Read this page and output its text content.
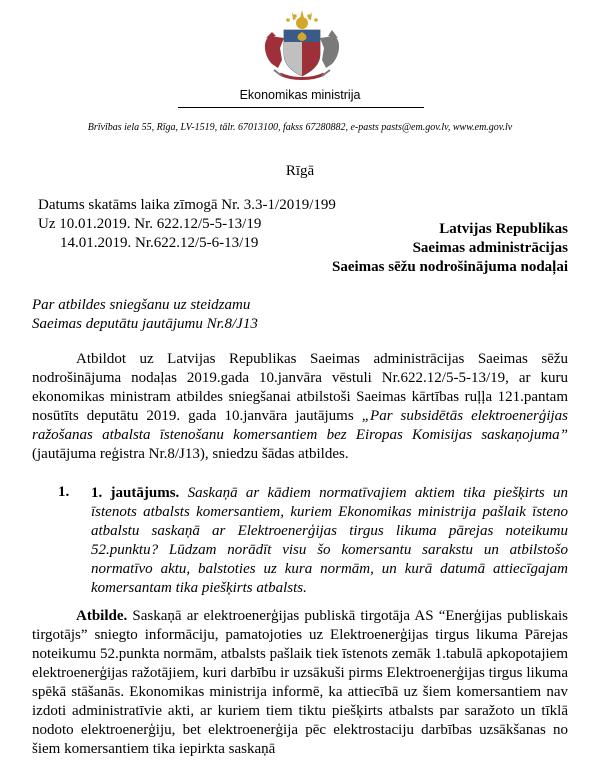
Ekonomikas ministrija
Brīvības iela 55, Rīga, LV-1519, tālr. 67013100, fakss 67280882, e-pasts pasts@em.gov.lv, www.em.gov.lv
Rīgā
Datums skatāms laika zīmogā Nr. 3.3-1/2019/199
Uz 10.01.2019. Nr. 622.12/5-5-13/19
14.01.2019. Nr.622.12/5-6-13/19
Latvijas Republikas
Saeimas administrācijas
Saeimas sēžu nodrošinājuma nodaļai
Par atbildes sniegšanu uz steidzamu
Saeimas deputātu jautājumu Nr.8/J13

Atbildot uz Latvijas Republikas Saeimas administrācijas Saeimas sēžu nodrošinājuma nodaļas 2019.gada 10.janvāra vēstuli Nr.622.12/5-5-13/19, ar kuru ekonomikas ministram atbildes sniegšanai atbilstoši Saeimas kārtības ruļļa 121.pantam nosūtīts deputātu 2019. gada 10.janvāra jautājums „Par subsidētās elektroenerģijas ražošanas atbalsta īstenošanu komersantiem bez Eiropas Komisijas saskaņojuma” (jautājuma reģistra Nr.8/J13), sniedzu šādas atbildes.

1.	1. jautājums. Saskaņā ar kādiem normatīvajiem aktiem tika piešķirts un īstenots atbalsts komersantiem, kuriem Ekonomikas ministrija pašlaik īsteno atbalstu saskaņā ar Elektroenerģijas tirgus likuma pārejas noteikumu 52.punktu? Lūdzam norādīt visu šo komersantu sarakstu un atbilstošo normatīvo aktu, balstoties uz kura normām, un kurā datumā attiecīgajam komersantam tika piešķirts atbalsts.

Atbilde. Saskaņā ar elektroenerģijas publiskā tirgotāja AS “Enerģijas publiskais tirgotājs” sniegto informāciju, pamatojoties uz Elektroenerģijas tirgus likuma Pārejas noteikumu 52.punkta normām, atbalsts pašlaik tiek īstenots zemāk 1.tabulā apkopotajiem elektroenerģijas ražotājiem, kuri darbību ir uzsākuši pirms Elektroenerģijas tirgus likuma spēkā stāšanās. Ekonomikas ministrija informē, ka attiecībā uz šiem komersantiem nav izdoti administratīvie akti, ar kuriem tiem tiktu piešķirts atbalsts par saražoto un tīklā nodoto elektroenerģiju, bet elektroenerģija pēc elektrostaciju darbības uzsākšanas no šiem komersantiem tika iepirkta saskaņā
